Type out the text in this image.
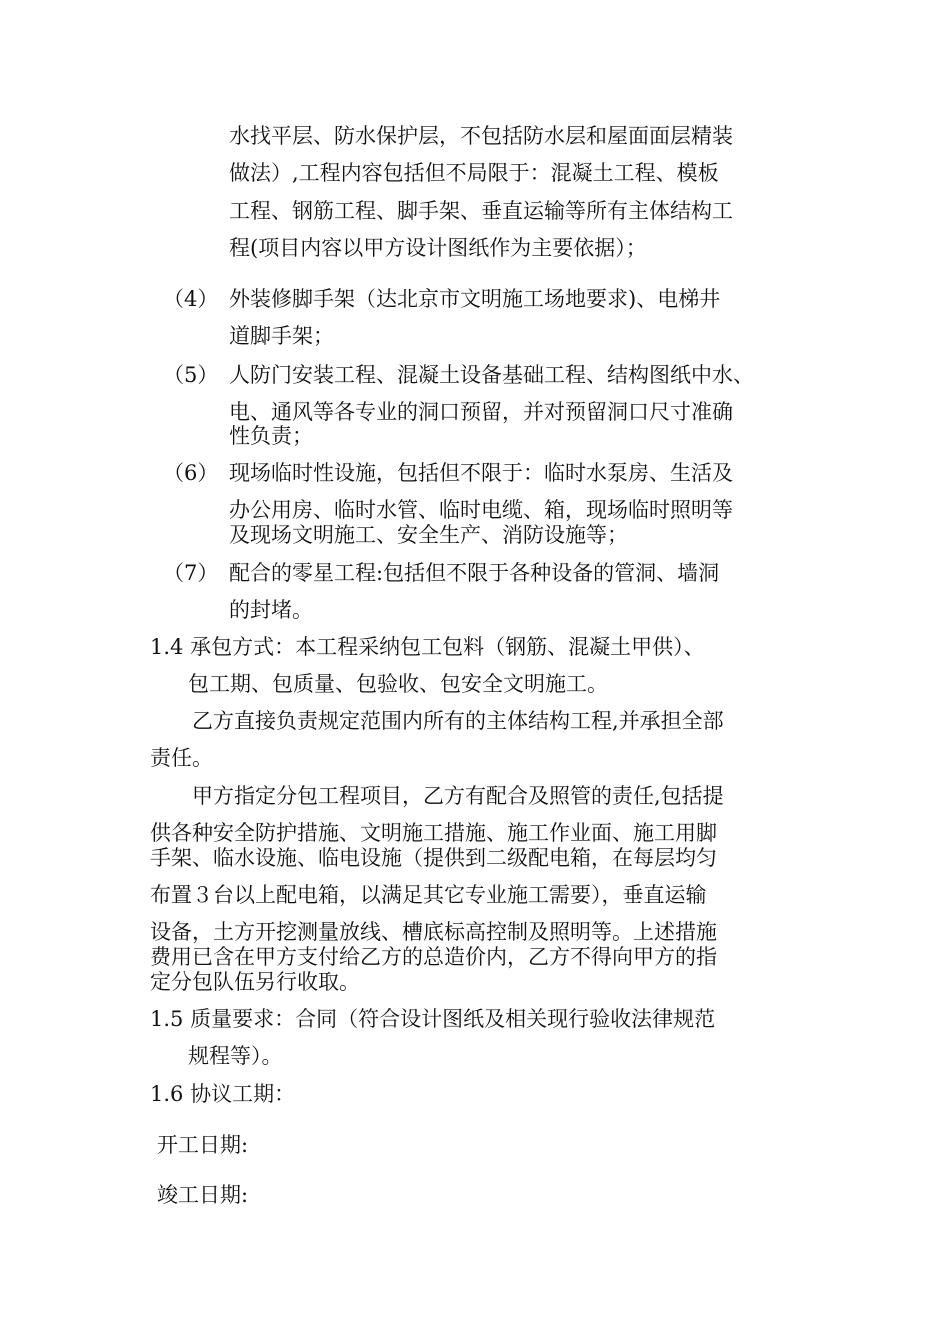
水找平层、防水保护层，不包括防水层和屋面面层精装
做法）,工程内容包括但不局限于：混凝土工程、模板
工程、钢筋工程、脚手架、垂直运输等所有主体结构工
程(项目内容以甲方设计图纸作为主要依据）；
（4） 外装修脚手架（达北京市文明施工场地要求)、电梯井
道脚手架；
（5） 人防门安装工程、混凝土设备基础工程、结构图纸中水、
电、通风等各专业的洞口预留，并对预留洞口尺寸准确
性负责；
（6） 现场临时性设施，包括但不限于：临时水泵房、生活及
办公用房、临时水管、临时电缆、箱，现场临时照明等
及现场文明施工、安全生产、消防设施等；
（7） 配合的零星工程:包括但不限于各种设备的管洞、墙洞
的封堵。
1.4 承包方式：本工程采纳包工包料（钢筋、混凝土甲供）、
包工期、包质量、包验收、包安全文明施工。
乙方直接负责规定范围内所有的主体结构工程,并承担全部
责任。
甲方指定分包工程项目，乙方有配合及照管的责任,包括提
供各种安全防护措施、文明施工措施、施工作业面、施工用脚
手架、临水设施、临电设施（提供到二级配电箱，在每层均匀
布置３台以上配电箱，以满足其它专业施工需要），垂直运输
设备，土方开挖测量放线、槽底标高控制及照明等。上述措施
费用已含在甲方支付给乙方的总造价内，乙方不得向甲方的指
定分包队伍另行收取。
1.5 质量要求：合同（符合设计图纸及相关现行验收法律规范
规程等）。
1.6 协议工期：
开工日期:
竣工日期:
